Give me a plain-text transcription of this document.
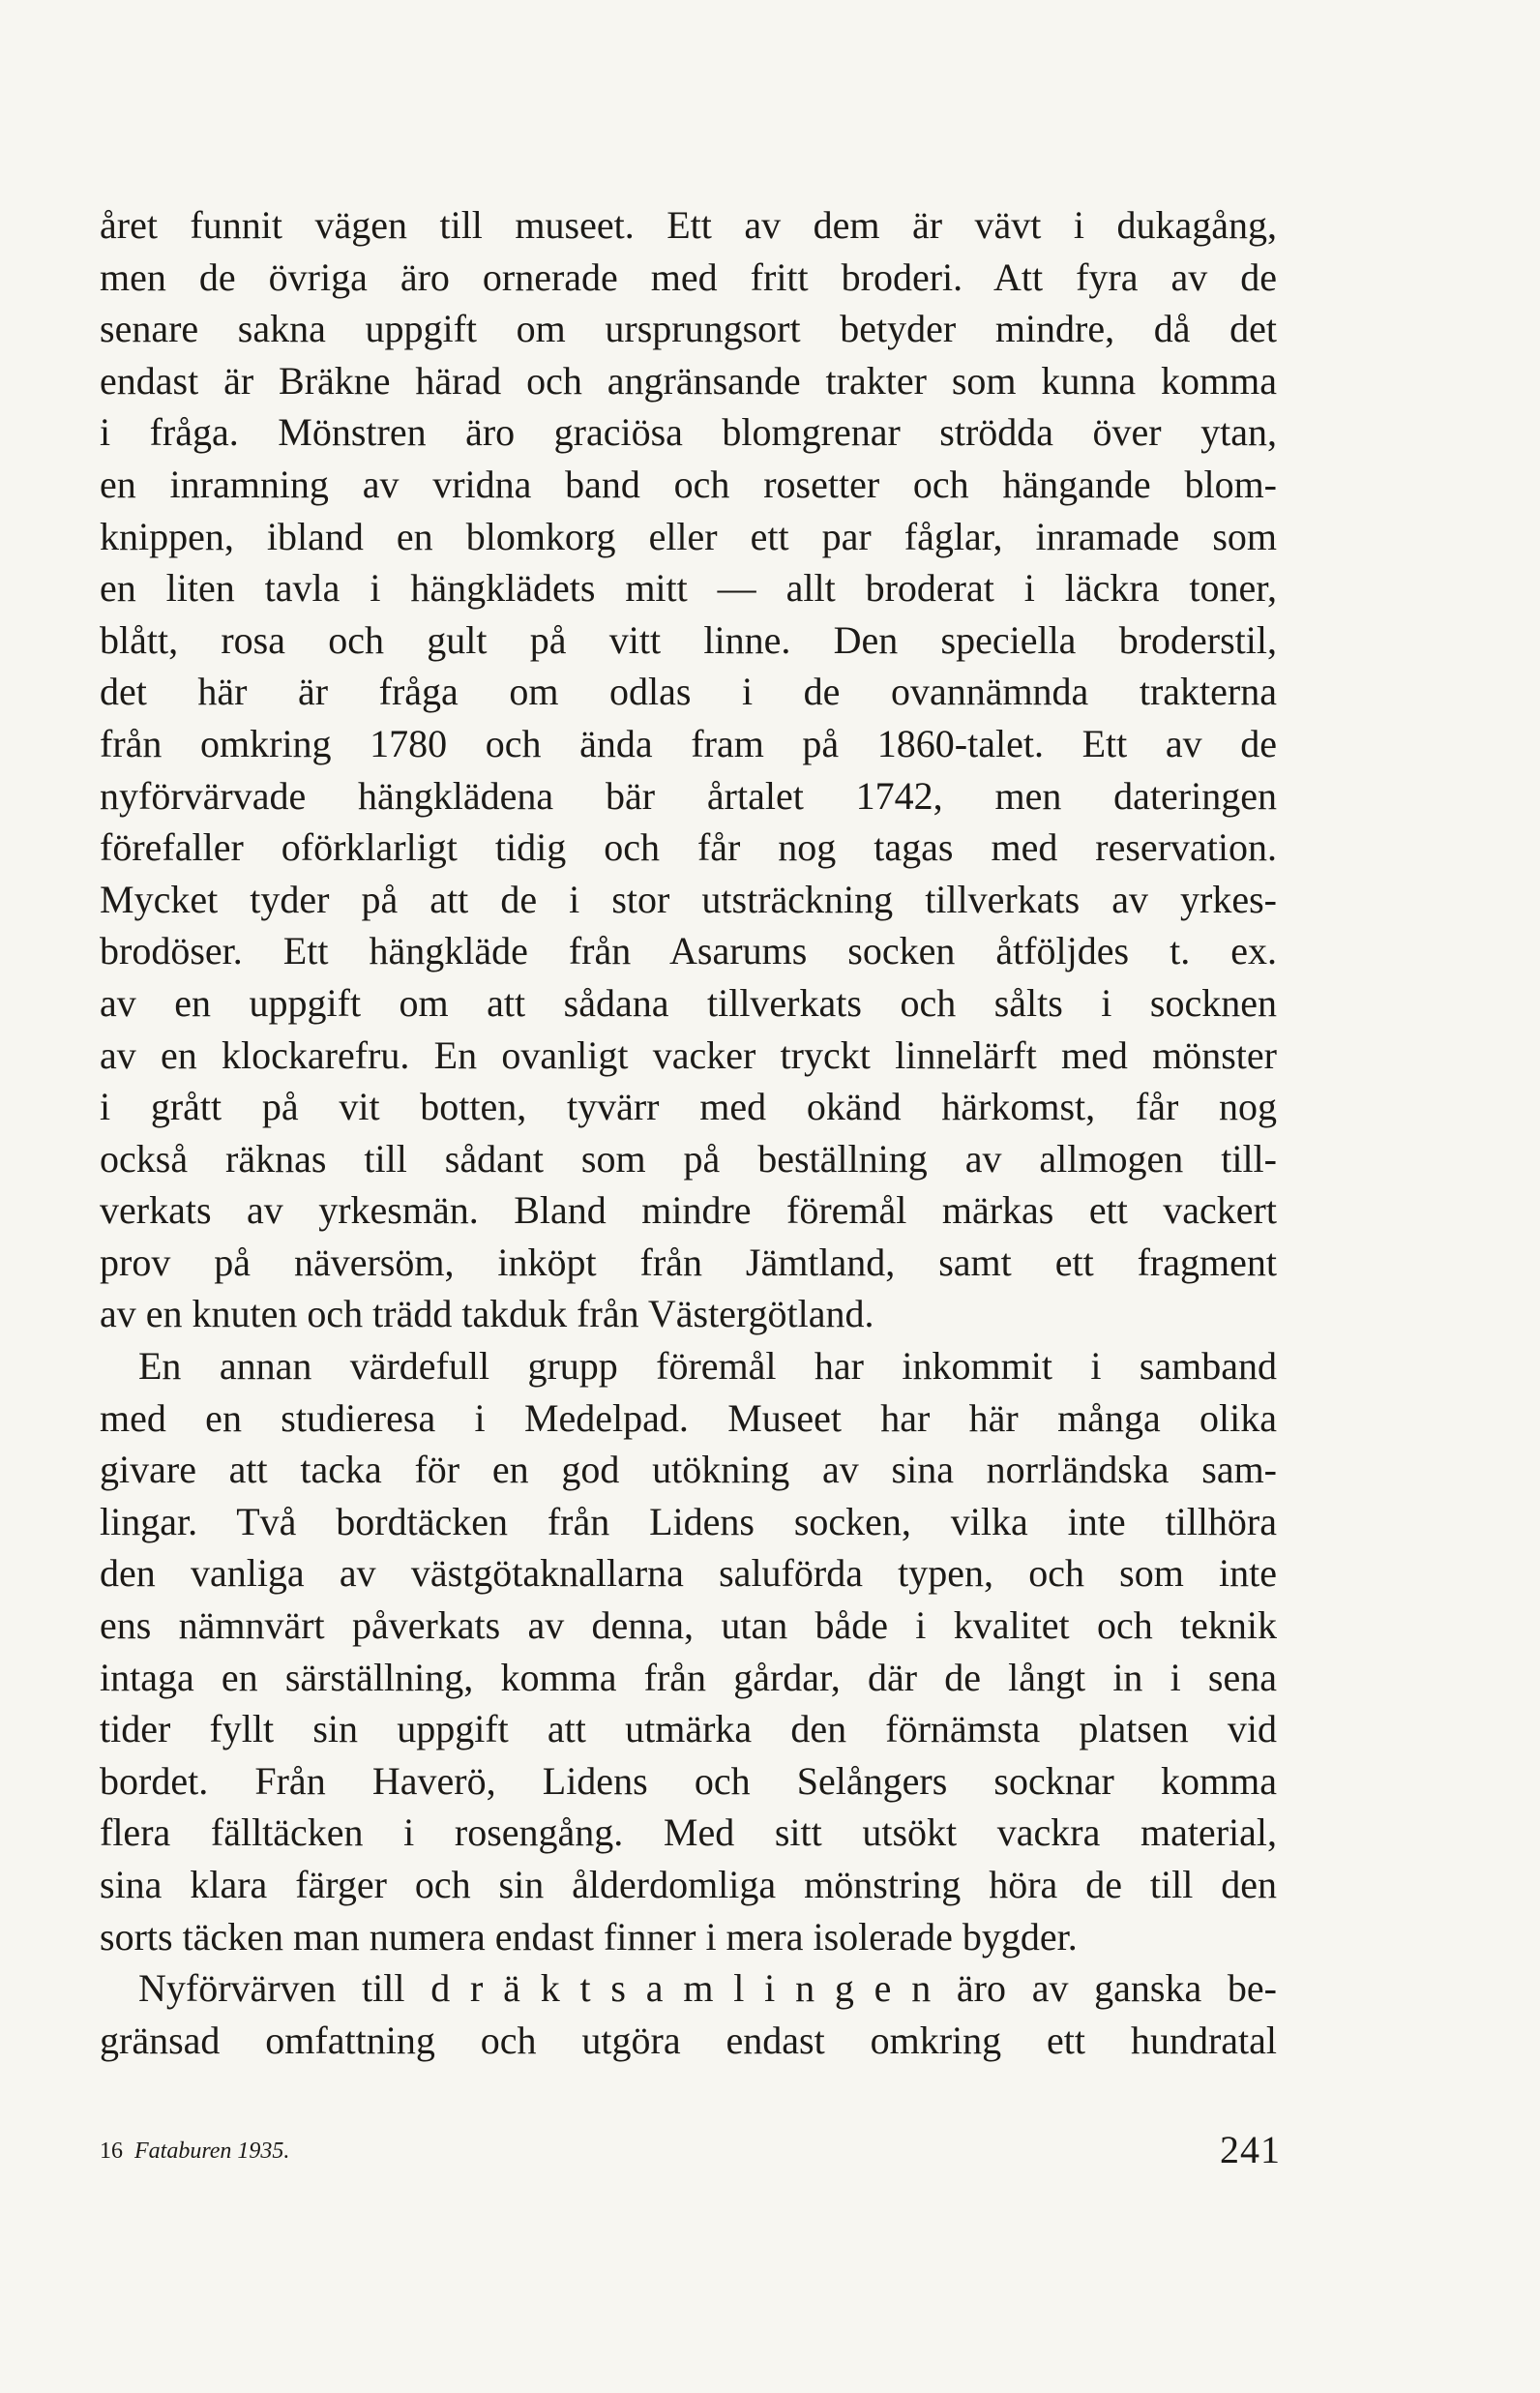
året funnit vägen till museet. Ett av dem är vävt i dukagång,
men de övriga äro ornerade med fritt broderi. Att fyra av de
senare sakna uppgift om ursprungsort betyder mindre, då det
endast är Bräkne härad och angränsande trakter som kunna komma
i fråga. Mönstren äro graciösa blomgrenar strödda över ytan,
en inramning av vridna band och rosetter och hängande blom-
knippen, ibland en blomkorg eller ett par fåglar, inramade som
en liten tavla i hängklädets mitt — allt broderat i läckra toner,
blått, rosa och gult på vitt linne. Den speciella broderstil,
det här är fråga om odlas i de ovannämnda trakterna
från omkring 1780 och ända fram på 1860-talet. Ett av de
nyförvärvade hängklädena bär årtalet 1742, men dateringen
förefaller oförklarligt tidig och får nog tagas med reservation.
Mycket tyder på att de i stor utsträckning tillverkats av yrkes-
brodöser. Ett hängkläde från Asarums socken åtföljdes t. ex.
av en uppgift om att sådana tillverkats och sålts i socknen
av en klockarefru. En ovanligt vacker tryckt linnelärft med mönster
i grått på vit botten, tyvärr med okänd härkomst, får nog
också räknas till sådant som på beställning av allmogen till-
verkats av yrkesmän. Bland mindre föremål märkas ett vackert
prov på näversöm, inköpt från Jämtland, samt ett fragment
av en knuten och trädd takduk från Västergötland.

En annan värdefull grupp föremål har inkommit i samband
med en studieresa i Medelpad. Museet har här många olika
givare att tacka för en god utökning av sina norrländska sam-
lingar. Två bordtäcken från Lidens socken, vilka inte tillhöra
den vanliga av västgötaknallarna saluförda typen, och som inte
ens nämnvärt påverkats av denna, utan både i kvalitet och teknik
intaga en särställning, komma från gårdar, där de långt in i sena
tider fyllt sin uppgift att utmärka den förnämsta platsen vid
bordet. Från Haverö, Lidens och Selångers socknar komma
flera fälltäcken i rosengång. Med sitt utsökt vackra material,
sina klara färger och sin ålderdomliga mönstring höra de till den
sorts täcken man numera endast finner i mera isolerade bygder.

Nyförvärven till dräktsamlingen äro av ganska be-
gränsad omfattning och utgöra endast omkring ett hundratal

16 Fataburen 1935.	241
